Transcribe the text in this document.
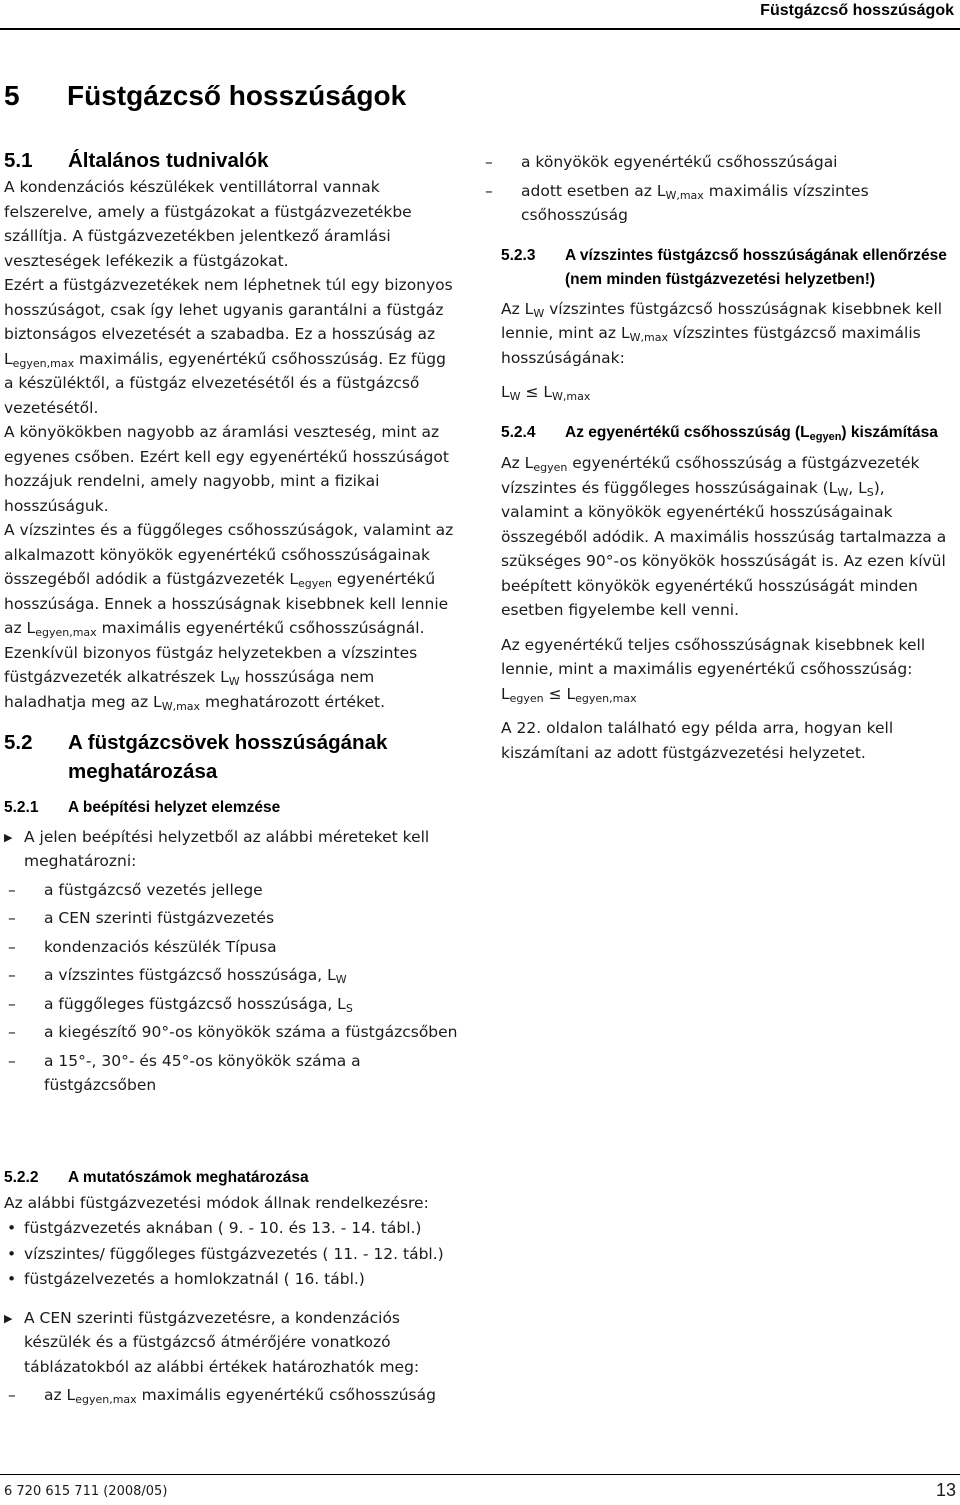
Füstgázcső hosszúságok
5 Füstgázcső hosszúságok
5.1	Általános tudnivalók

A kondenzációs készülékek ventillátorral vannak felszerelve, amely a füstgázokat a füstgázvezetékbe szállítja. A füstgázvezetékben jelentkező áramlási veszteségek lefékezik a füstgázokat.

Ezért a füstgázvezetékek nem léphetnek túl egy bizonyos hosszúságot, csak így lehet ugyanis garantálni a füstgáz biztonságos elvezetését a szabadba. Ez a hosszúság az $L_{egyen,max}$ maximális, egyenértékű csőhosszúság. Ez függ a készüléktől, a füstgáz elvezetésétől és a füstgázcső vezetésétől.

A könyökökben nagyobb az áramlási veszteség, mint az egyenes csőben. Ezért kell egy egyenértékű hosszúságot hozzájuk rendelni, amely nagyobb, mint a fizikai hosszúságuk.

A vízszintes és a függőleges csőhosszúságok, valamint az alkalmazott könyökök egyenértékű csőhosszúságainak összegéből adódik a füstgázvezeték $L_{egyen}$ egyenértékű hosszúsága. Ennek a hosszúságnak kisebbnek kell lennie az $L_{egyen,max}$ maximális egyenértékű csőhosszúságnál.

Ezenkívül bizonyos füstgáz helyzetekben a vízszintes füstgázvezeték alkatrészek $L_W$ hosszúsága nem haladhatja meg az $L_{W,max}$ meghatározott értéket.

5.2	A füstgázcsövek hosszúságának meghatározása
5.2.1	A beépítési helyzet elemzése
▶ A jelen beépítési helyzetből az alábbi méreteket kell meghatározni:
–	a füstgázcső vezetés jellege
–	a CEN szerinti füstgázvezetés
–	kondenzaciós készülék Típusa
–	a vízszintes füstgázcső hosszúsága, $L_W$
–	a függőleges füstgázcső hosszúsága, $L_S$
–	a kiegészítő 90°-os könyökök száma a füstgázcsőben
–	a 15°-, 30°- és 45°-os könyökök száma a füstgázcsőben
5.2.2	A mutatószámok meghatározása

Az alábbi füstgázvezetési módok állnak rendelkezésre:

• füstgázvezetés aknában ( 9. - 10. és 13. - 14. tábl.)
• vízszintes/ függőleges füstgázvezetés ( 11. - 12. tábl.)
• füstgázelvezetés a homlokzatnál ( 16. tábl.)
▶ A CEN szerinti füstgázvezetésre, a kondenzációs készülék és a füstgázcső átmérőjére vonatkozó táblázatokból az alábbi értékek határozhatók meg:
–	az $L_{egyen,max}$ maximális egyenértékű csőhosszúság
–	a könyökök egyenértékű csőhosszúságai
–	adott esetben az $L_{W,max}$ maximális vízszintes csőhosszúság
5.2.3	A vízszintes füstgázcső hosszúságának ellenőrzése (nem minden füstgázvezetési helyzetben!)

Az $L_W$ vízszintes füstgázcső hosszúságnak kisebbnek kell lennie, mint az $L_{W,max}$ vízszintes füstgázcső maximális hosszúságának:

$L_W \le L_{W,max}$

5.2.4	Az egyenértékű csőhosszúság $(L_{egyen})$ kiszámítása

Az $L_{egyen}$ egyenértékű csőhosszúság a füstgázvezeték vízszintes és függőleges hosszúságainak ($L_W$, $L_S$), valamint a könyökök egyenértékű hosszúságainak összegéből adódik. A maximális hosszúság tartalmazza a szükséges 90°-os könyökök hosszúságát is. Az ezen kívül beépített könyökök egyenértékű hosszúságát minden esetben figyelembe kell venni.

Az egyenértékű teljes csőhosszúságnak kisebbnek kell lennie, mint a maximális egyenértékű csőhosszúság:

$L_{egyen} \le L_{egyen,max}$

A 22. oldalon található egy példa arra, hogyan kell kiszámítani az adott füstgázvezetési helyzetet.

6 720 615 711 (2008/05)	13
